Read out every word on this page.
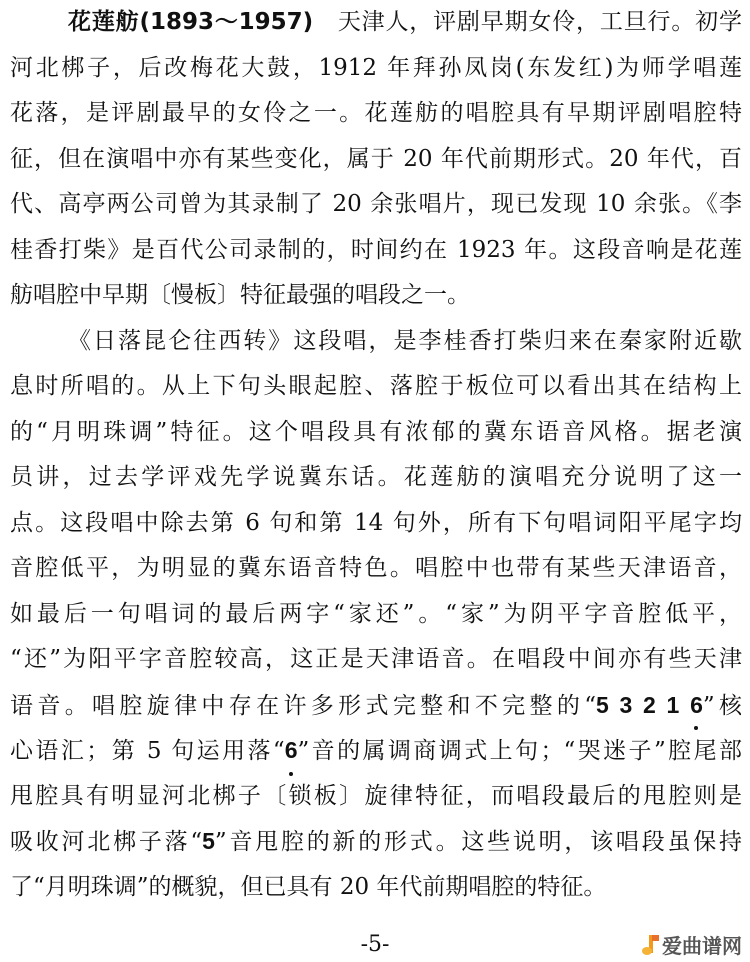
花莲舫(1893～1957)　天津人，评剧早期女伶，工旦行。初学
河北梆子，后改梅花大鼓，1912 年拜孙凤岗(东发红)为师学唱莲
花落，是评剧最早的女伶之一。花莲舫的唱腔具有早期评剧唱腔特
征，但在演唱中亦有某些变化，属于 20 年代前期形式。20 年代，百
代、高亭两公司曾为其录制了 20 余张唱片，现已发现 10 余张。《李
桂香打柴》是百代公司录制的，时间约在 1923 年。这段音响是花莲
舫唱腔中早期〔慢板〕特征最强的唱段之一。
《日落昆仑往西转》这段唱，是李桂香打柴归来在秦家附近歇
息时所唱的。从上下句头眼起腔、落腔于板位可以看出其在结构上
的“月明珠调”特征。这个唱段具有浓郁的冀东语音风格。据老演
员讲，过去学评戏先学说冀东话。花莲舫的演唱充分说明了这一
点。这段唱中除去第 6 句和第 14 句外，所有下句唱词阳平尾字均
音腔低平，为明显的冀东语音特色。唱腔中也带有某些天津语音，
如最后一句唱词的最后两字“家还”。“家”为阴平字音腔低平，
“还”为阳平字音腔较高，这正是天津语音。在唱段中间亦有些天津
语音。唱腔旋律中存在许多形式完整和不完整的“5 3 2 1 6”核
心语汇；第 5 句运用落“6”音的属调商调式上句；“哭迷子”腔尾部
甩腔具有明显河北梆子〔锁板〕旋律特征，而唱段最后的甩腔则是
吸收河北梆子落“5”音甩腔的新的形式。这些说明，该唱段虽保持
了“月明珠调”的概貌，但已具有 20 年代前期唱腔的特征。
-5-	爱曲谱网
